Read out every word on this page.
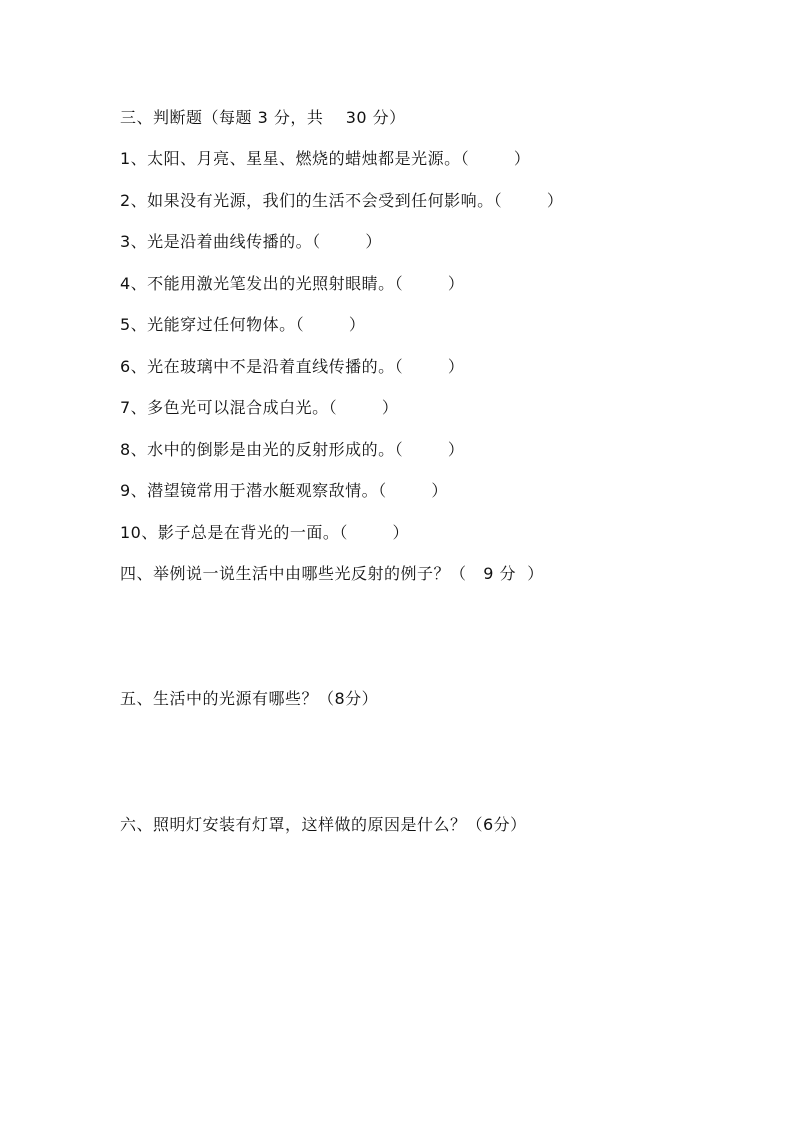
三、判断题（每题 3 分，共    30 分）
1、太阳、月亮、星星、燃烧的蜡烛都是光源。（        ）
2、如果没有光源，我们的生活不会受到任何影响。（        ）
3、光是沿着曲线传播的。（        ）
4、不能用激光笔发出的光照射眼睛。（        ）
5、光能穿过任何物体。（        ）
6、光在玻璃中不是沿着直线传播的。（        ）
7、多色光可以混合成白光。（        ）
8、水中的倒影是由光的反射形成的。（        ）
9、潜望镜常用于潜水艇观察敌情。（        ）
10、影子总是在背光的一面。（        ）
四、举例说一说生活中由哪些光反射的例子？（   9 分  ）
五、生活中的光源有哪些？（8分）
六、照明灯安装有灯罩，这样做的原因是什么？（6分）
